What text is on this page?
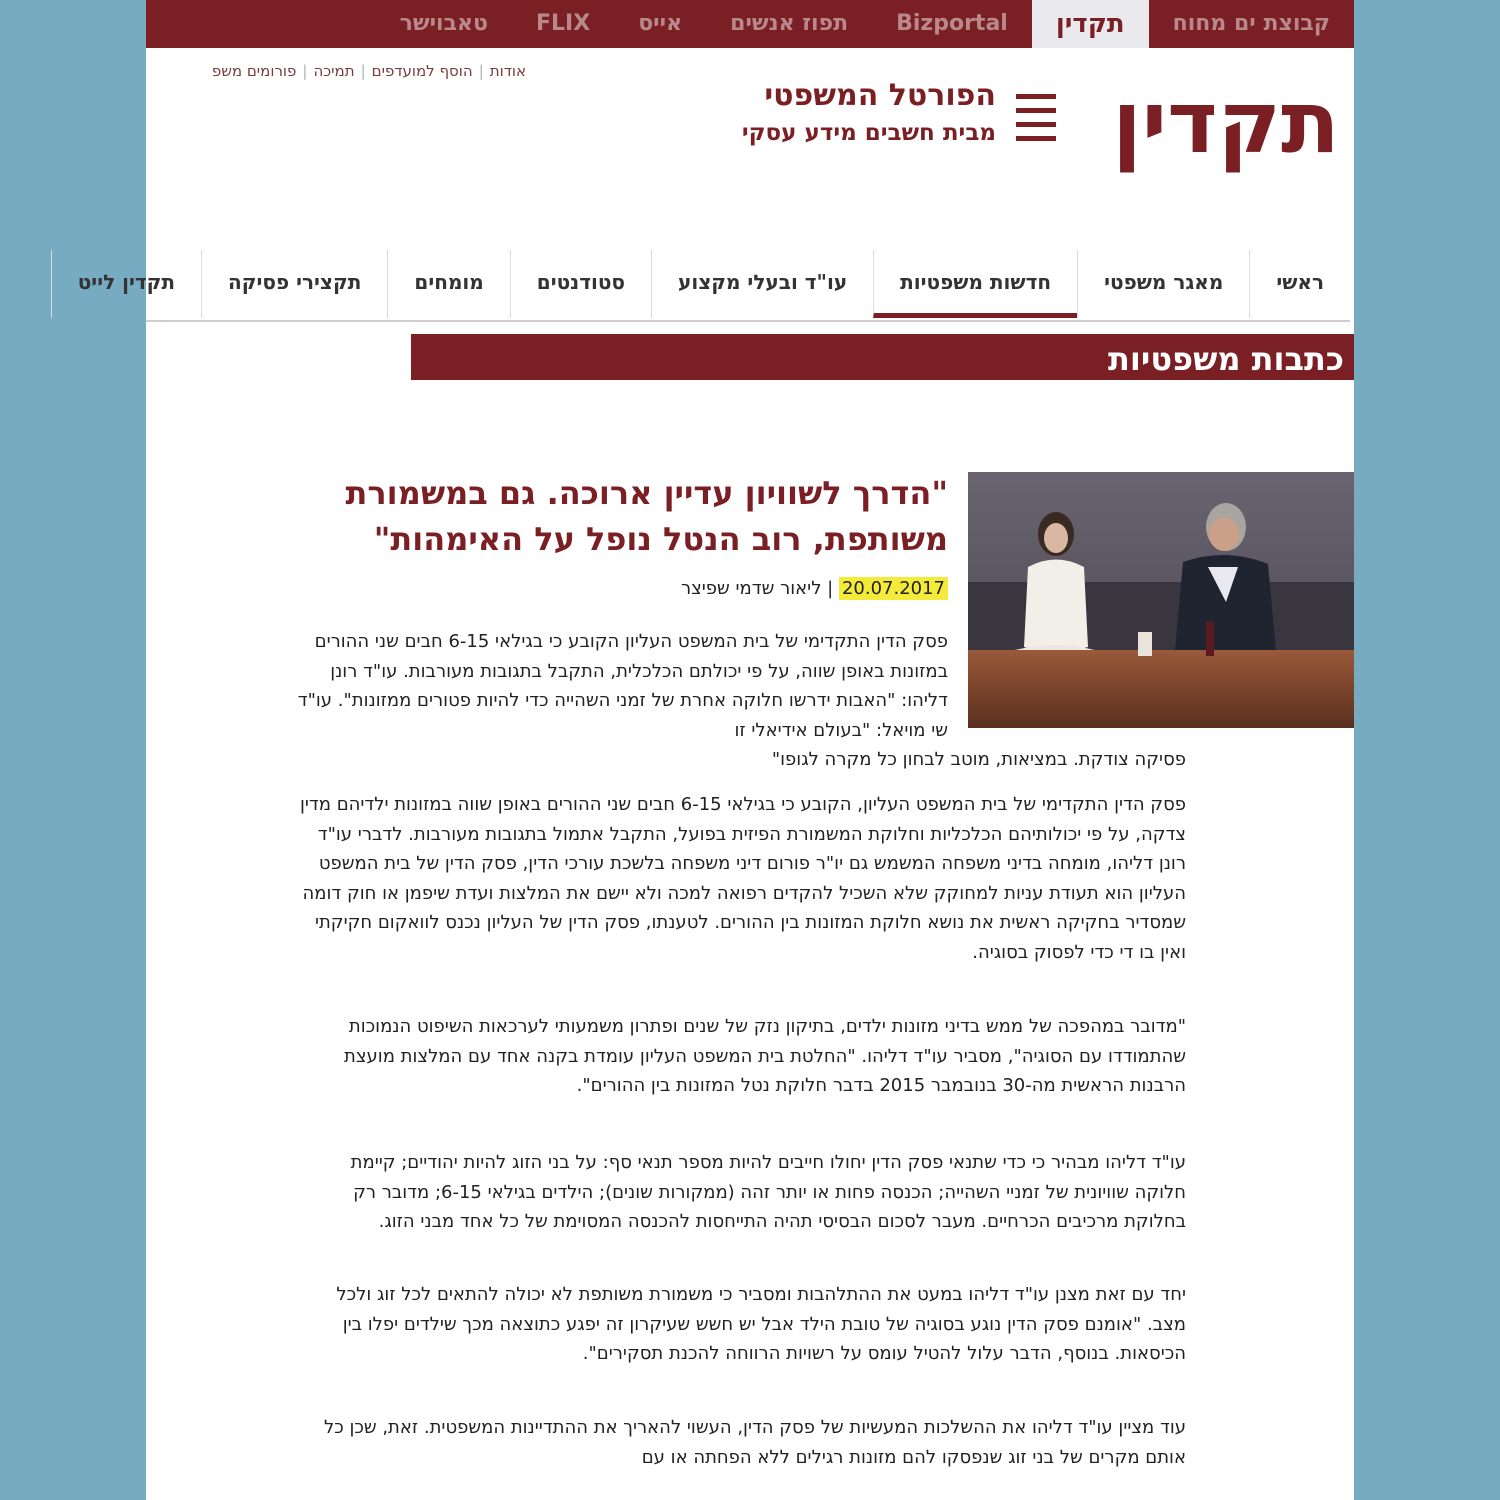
קבוצת ים מחוח
תקדין
Bizportal
תפוז אנשים
אייס
FLIX
טאבוישר
אודות|הוסף למועדפים|תמיכה|פורומים משפ
תקדין
הפורטל המשפטי
מבית חשבים מידע עסקי
ראשי
מאגר משפטי
חדשות משפטיות
עו"ד ובעלי מקצוע
סטודנטים
מומחים
תקצירי פסיקה
תקדין לייט
כתבות משפטיות
"הדרך לשוויון עדיין ארוכה. גם במשמורת משותפת, רוב הנטל נופל על האימהות"
20.07.2017 | ליאור שדמי שפיצר
פסק הדין התקדימי של בית המשפט העליון הקובע כי בגילאי 6-15 חבים שני ההורים במזונות באופן שווה, על פי יכולתם הכלכלית, התקבל בתגובות מעורבות. עו"ד רונן דליהו: "האבות ידרשו חלוקה אחרת של זמני השהייה כדי להיות פטורים ממזונות". עו"ד שי מויאל: "בעולם אידיאלי זו
פסיקה צודקת. במציאות, מוטב לבחון כל מקרה לגופו"

פסק הדין התקדימי של בית המשפט העליון, הקובע כי בגילאי 6-15 חבים שני ההורים באופן שווה במזונות ילדיהם מדין צדקה, על פי יכולותיהם הכלכליות וחלוקת המשמורת הפיזית בפועל, התקבל אתמול בתגובות מעורבות. לדברי עו"ד רונן דליהו, מומחה בדיני משפחה המשמש גם יו"ר פורום דיני משפחה בלשכת עורכי הדין, פסק הדין של בית המשפט העליון הוא תעודת עניות למחוקק שלא השכיל להקדים רפואה למכה ולא יישם את המלצות ועדת שיפמן או חוק דומה שמסדיר בחקיקה ראשית את נושא חלוקת המזונות בין ההורים. לטענתו, פסק הדין של העליון נכנס לוואקום חקיקתי ואין בו די כדי לפסוק בסוגיה.

"מדובר במהפכה של ממש בדיני מזונות ילדים, בתיקון נזק של שנים ופתרון משמעותי לערכאות השיפוט הנמוכות שהתמודדו עם הסוגיה", מסביר עו"ד דליהו. "החלטת בית המשפט העליון עומדת בקנה אחד עם המלצות מועצת הרבנות הראשית מה-30 בנובמבר 2015 בדבר חלוקת נטל המזונות בין ההורים".

עו"ד דליהו מבהיר כי כדי שתנאי פסק הדין יחולו חייבים להיות מספר תנאי סף: על בני הזוג להיות יהודיים; קיימת חלוקה שוויונית של זמניי השהייה; הכנסה פחות או יותר זהה (ממקורות שונים); הילדים בגילאי 6-15; מדובר רק בחלוקת מרכיבים הכרחיים. מעבר לסכום הבסיסי תהיה התייחסות להכנסה המסוימת של כל אחד מבני הזוג.

יחד עם זאת מצנן עו"ד דליהו במעט את ההתלהבות ומסביר כי משמורת משותפת לא יכולה להתאים לכל זוג ולכל מצב. "אומנם פסק הדין נוגע בסוגיה של טובת הילד אבל יש חשש שעיקרון זה יפגע כתוצאה מכך שילדים יפלו בין הכיסאות. בנוסף, הדבר עלול להטיל עומס על רשויות הרווחה להכנת תסקירים".

עוד מציין עו"ד דליהו את ההשלכות המעשיות של פסק הדין, העשוי להאריך את ההתדיינות המשפטית. זאת, שכן כל אותם מקרים של בני זוג שנפסקו להם מזונות רגילים ללא הפחתה או עם
